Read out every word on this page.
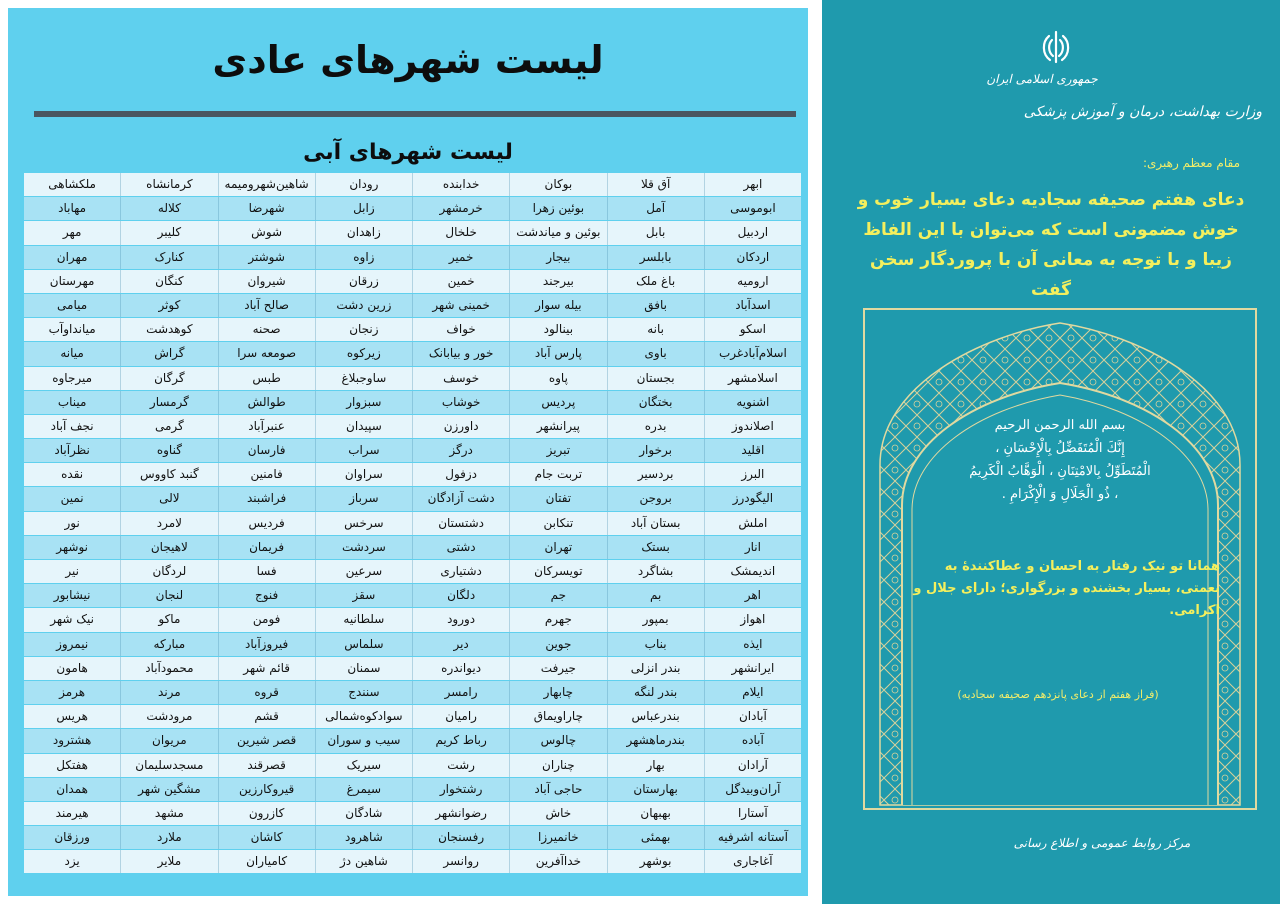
لیست شهرهای عادی
لیست شهرهای آبی
ابهر
آق قلا
بوکان
خدابنده
رودان
شاهین‌شهرومیمه
کرمانشاه
ملکشاهی
ابوموسی
آمل
بوئین زهرا
خرمشهر
زابل
شهرضا
کلاله
مهاباد
اردبیل
بابل
بوئین و میاندشت
خلخال
زاهدان
شوش
کلیبر
مهر
اردکان
بابلسر
بیجار
خمیر
زاوه
شوشتر
کنارک
مهران
ارومیه
باغ ملک
بیرجند
خمین
زرقان
شیروان
کنگان
مهرستان
اسدآباد
بافق
بیله سوار
خمینی شهر
زرین دشت
صالح آباد
کوثر
میامی
اسکو
بانه
بینالود
خواف
زنجان
صحنه
کوهدشت
میانداوآب
اسلام‌آبادغرب
باوی
پارس آباد
خور و بیابانک
زیرکوه
صومعه سرا
گراش
میانه
اسلامشهر
بجستان
پاوه
خوسف
ساوجبلاغ
طبس
گرگان
میرجاوه
اشنویه
بختگان
پردیس
خوشاب
سبزوار
طوالش
گرمسار
میناب
اصلاندوز
بدره
پیرانشهر
داورزن
سپیدان
عنبرآباد
گرمی
نجف آباد
اقلید
برخوار
تبریز
درگز
سراب
فارسان
گناوه
نظرآباد
البرز
بردسیر
تربت جام
دزفول
سراوان
فامنین
گنبد کاووس
نقده
الیگودرز
بروجن
تفتان
دشت آزادگان
سرباز
فراشبند
لالی
نمین
املش
بستان آباد
تنکابن
دشتستان
سرخس
فردیس
لامرد
نور
انار
بستک
تهران
دشتی
سردشت
فریمان
لاهیجان
نوشهر
اندیمشک
بشاگرد
تویسرکان
دشتیاری
سرعین
فسا
لردگان
نیر
اهر
بم
جم
دلگان
سقز
فنوج
لنجان
نیشابور
اهواز
بمپور
جهرم
دورود
سلطانیه
فومن
ماکو
نیک شهر
ایذه
بناب
جوین
دیر
سلماس
فیروزآباد
مبارکه
نیمروز
ایرانشهر
بندر انزلی
جیرفت
دیواندره
سمنان
قائم شهر
محمودآباد
هامون
ایلام
بندر لنگه
چابهار
رامسر
سنندج
قروه
مرند
هرمز
آبادان
بندرعباس
چاراویماق
رامیان
سوادکوه‌شمالی
قشم
مرودشت
هریس
آباده
بندرماهشهر
چالوس
رباط کریم
سیب و سوران
قصر شیرین
مریوان
هشترود
آرادان
بهار
چناران
رشت
سیریک
قصرقند
مسجدسلیمان
هفتکل
آران‌وبیدگل
بهارستان
حاجی آباد
رشتخوار
سیمرغ
قیروکارزین
مشگین شهر
همدان
آستارا
بهبهان
خاش
رضوانشهر
شادگان
کازرون
مشهد
هیرمند
آستانه اشرفیه
بهمئی
خانمیرزا
رفسنجان
شاهرود
کاشان
ملارد
ورزقان
آغاجاری
بوشهر
خداآفرین
روانسر
شاهین دژ
کامیاران
ملایر
یزد
جمهوری اسلامی ایران
وزارت بهداشت، درمان و آموزش پزشکی
مقام معظم رهبری:
دعای هفتم صحیفه سجادیه دعای بسیار خوب و خوش مضمونی است که می‌توان با این الفاظ زیبا و با توجه به معانی آن با پروردگار سخن گفت
بسم الله الرحمن الرحیم
إِنَّكَ الْمُتَفَضِّلُ بِالْإِحْسَانِ ،
الْمُتَطَوِّلُ بِالامْتِنَانِ ، الْوَهَّابُ الْكَرِیمُ
، ذُو الْجَلَالِ وَ الْإِكْرَامِ .
همانا تو نیک رفتار به احسان و عطاکنندهٔ به نعمتی، بسیار بخشنده و بزرگواری؛ دارای جلال و اکرامی.
(فراز هفتم از دعای پانزدهم صحیفه سجادیه)
مرکز روابط عمومی و اطلاع رسانی
